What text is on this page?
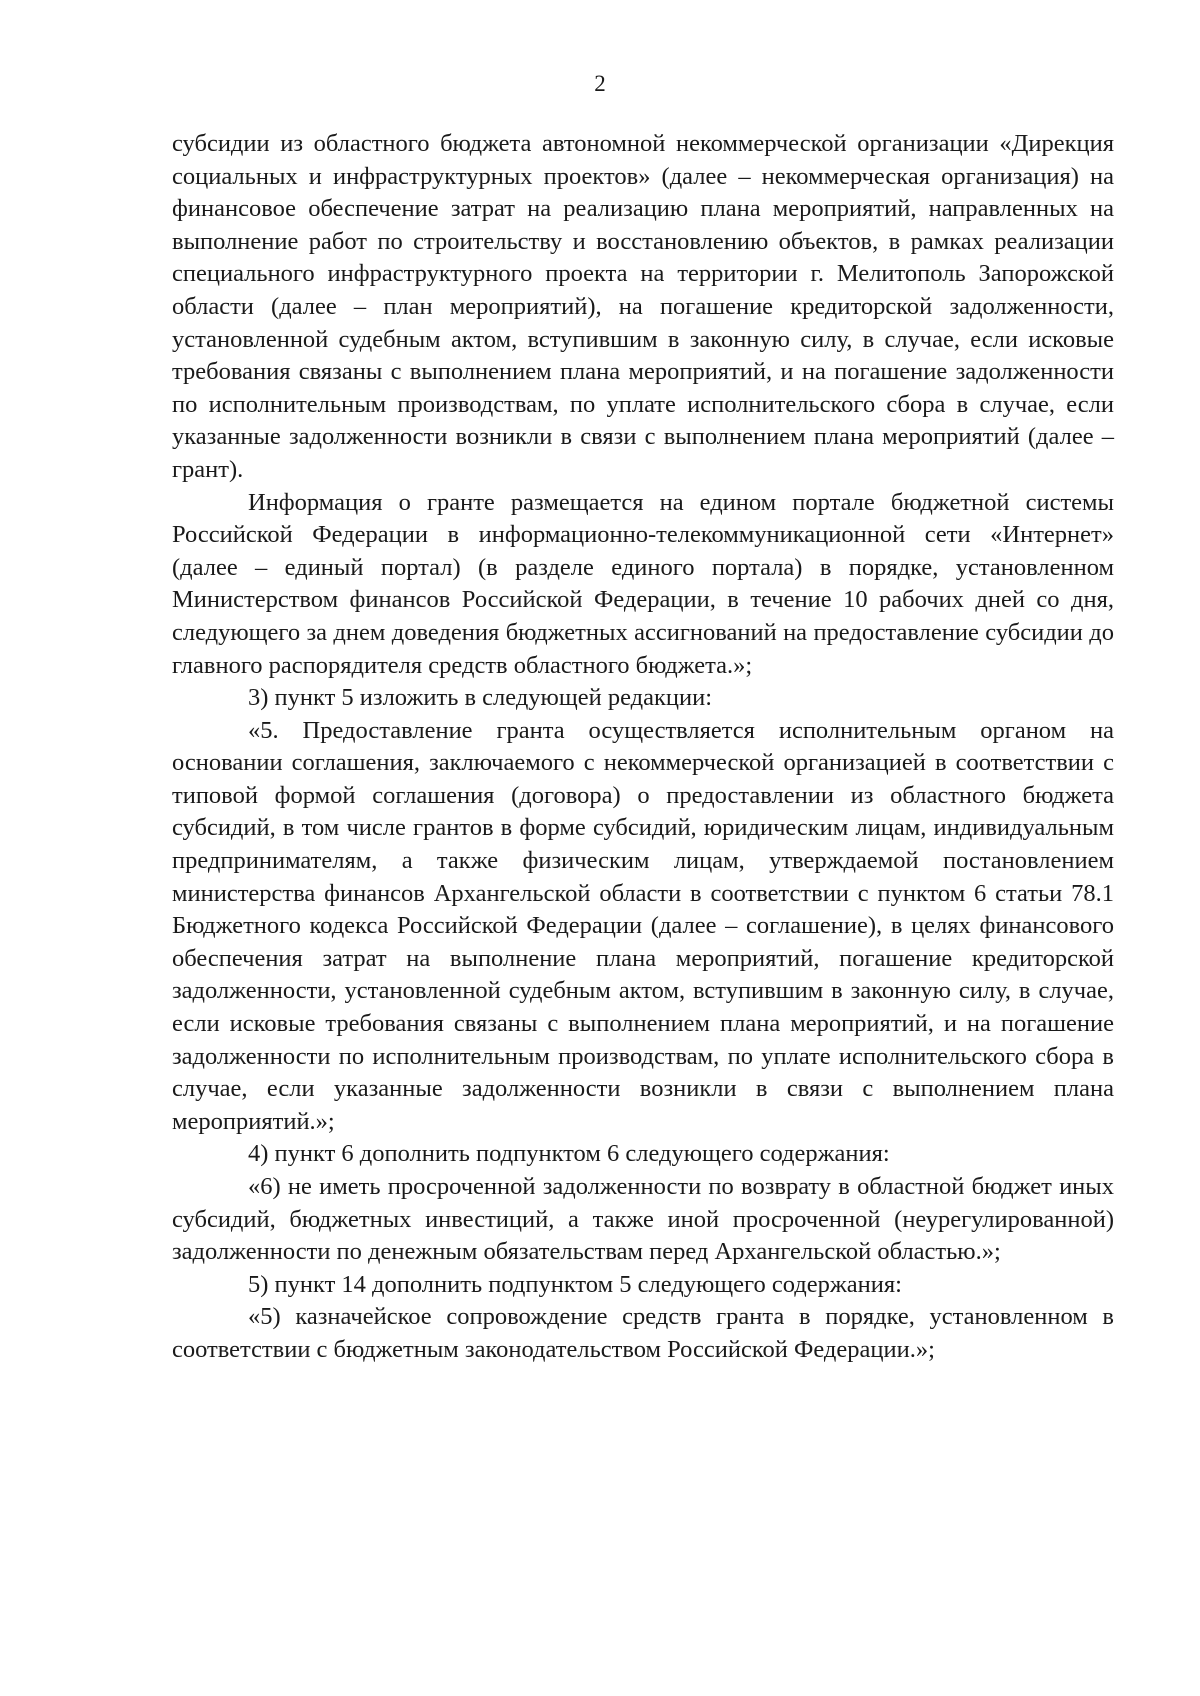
2

субсидии из областного бюджета автономной некоммерческой организации «Дирекция социальных и инфраструктурных проектов» (далее – некоммерческая организация) на финансовое обеспечение затрат на реализацию плана мероприятий, направленных на выполнение работ по строительству и восстановлению объектов, в рамках реализации специального инфраструктурного проекта на территории г. Мелитополь Запорожской области (далее – план мероприятий), на погашение кредиторской задолженности, установленной судебным актом, вступившим в законную силу, в случае, если исковые требования связаны с выполнением плана мероприятий, и на погашение задолженности по исполнительным производствам, по уплате исполнительского сбора в случае, если указанные задолженности возникли в связи с выполнением плана мероприятий (далее – грант).

Информация о гранте размещается на едином портале бюджетной системы Российской Федерации в информационно-телекоммуникационной сети «Интернет» (далее – единый портал) (в разделе единого портала) в порядке, установленном Министерством финансов Российской Федерации, в течение 10 рабочих дней со дня, следующего за днем доведения бюджетных ассигнований на предоставление субсидии до главного распорядителя средств областного бюджета.»;

3) пункт 5 изложить в следующей редакции:

«5. Предоставление гранта осуществляется исполнительным органом на основании соглашения, заключаемого с некоммерческой организацией в соответствии с типовой формой соглашения (договора) о предоставлении из областного бюджета субсидий, в том числе грантов в форме субсидий, юридическим лицам, индивидуальным предпринимателям, а также физическим лицам, утверждаемой постановлением министерства финансов Архангельской области в соответствии с пунктом 6 статьи 78.1 Бюджетного кодекса Российской Федерации (далее – соглашение), в целях финансового обеспечения затрат на выполнение плана мероприятий, погашение кредиторской задолженности, установленной судебным актом, вступившим в законную силу, в случае,

если исковые требования связаны с выполнением плана мероприятий, и на погашение задолженности по исполнительным производствам, по уплате исполнительского сбора в случае, если указанные задолженности возникли в связи с выполнением плана мероприятий.»;

4) пункт 6 дополнить подпунктом 6 следующего содержания:

«6) не иметь просроченной задолженности по возврату в областной бюджет иных субсидий, бюджетных инвестиций, а также иной просроченной (неурегулированной) задолженности по денежным обязательствам перед Архангельской областью.»;

5) пункт 14 дополнить подпунктом 5 следующего содержания:

«5) казначейское сопровождение средств гранта в порядке, установленном в соответствии с бюджетным законодательством Российской Федерации.»;
